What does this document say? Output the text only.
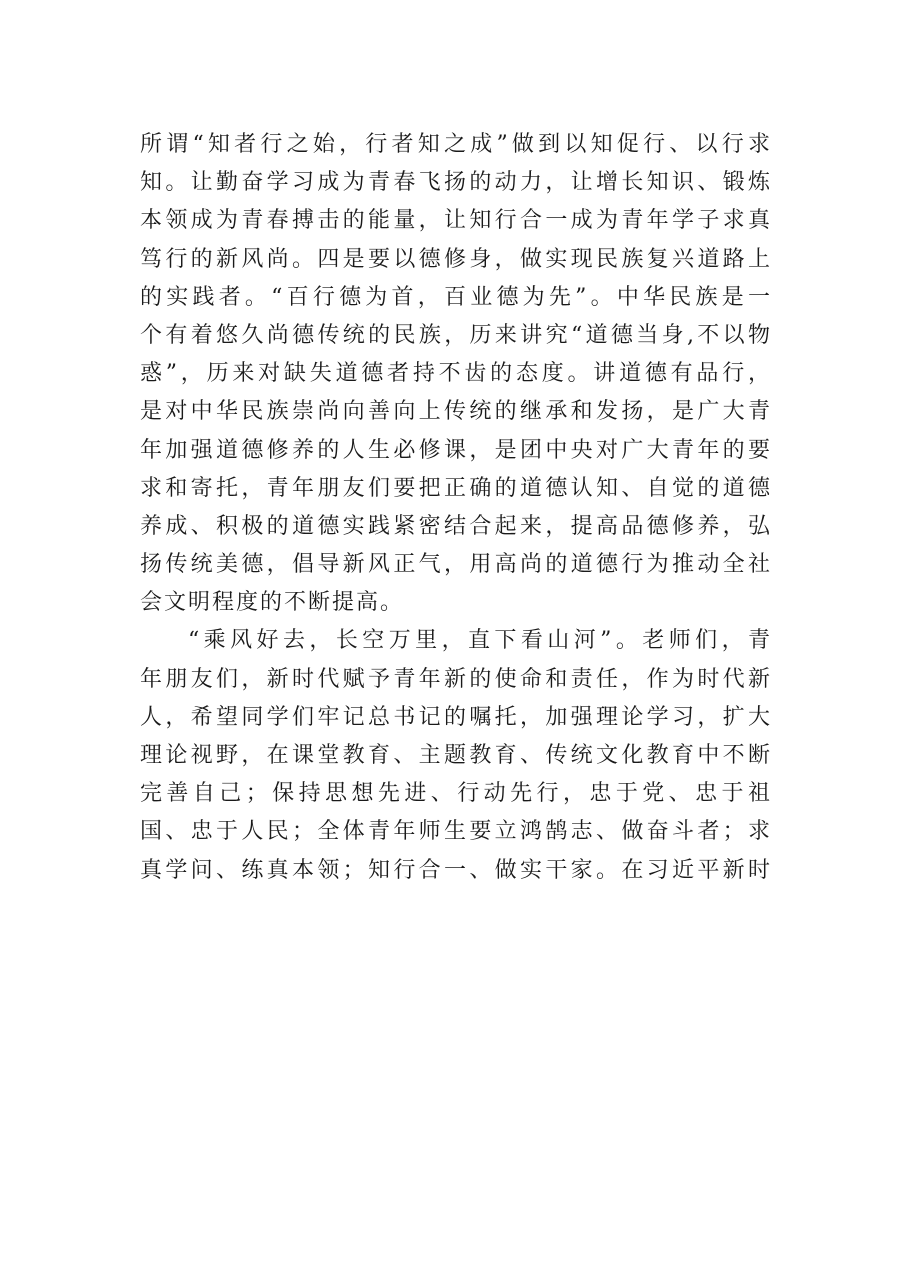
所谓“知者行之始，行者知之成”做到以知促行、以行求
知。让勤奋学习成为青春飞扬的动力，让增长知识、锻炼
本领成为青春搏击的能量，让知行合一成为青年学子求真
笃行的新风尚。四是要以德修身，做实现民族复兴道路上
的实践者。“百行德为首，百业德为先”。中华民族是一
个有着悠久尚德传统的民族，历来讲究“道德当身,不以物
惑”，历来对缺失道德者持不齿的态度。讲道德有品行，
是对中华民族崇尚向善向上传统的继承和发扬，是广大青
年加强道德修养的人生必修课，是团中央对广大青年的要
求和寄托，青年朋友们要把正确的道德认知、自觉的道德
养成、积极的道德实践紧密结合起来，提高品德修养，弘
扬传统美德，倡导新风正气，用高尚的道德行为推动全社
会文明程度的不断提高。
“乘风好去，长空万里，直下看山河”。老师们，青
年朋友们，新时代赋予青年新的使命和责任，作为时代新
人，希望同学们牢记总书记的嘱托，加强理论学习，扩大
理论视野，在课堂教育、主题教育、传统文化教育中不断
完善自己；保持思想先进、行动先行，忠于党、忠于祖
国、忠于人民；全体青年师生要立鸿鹄志、做奋斗者；求
真学问、练真本领；知行合一、做实干家。在习近平新时
